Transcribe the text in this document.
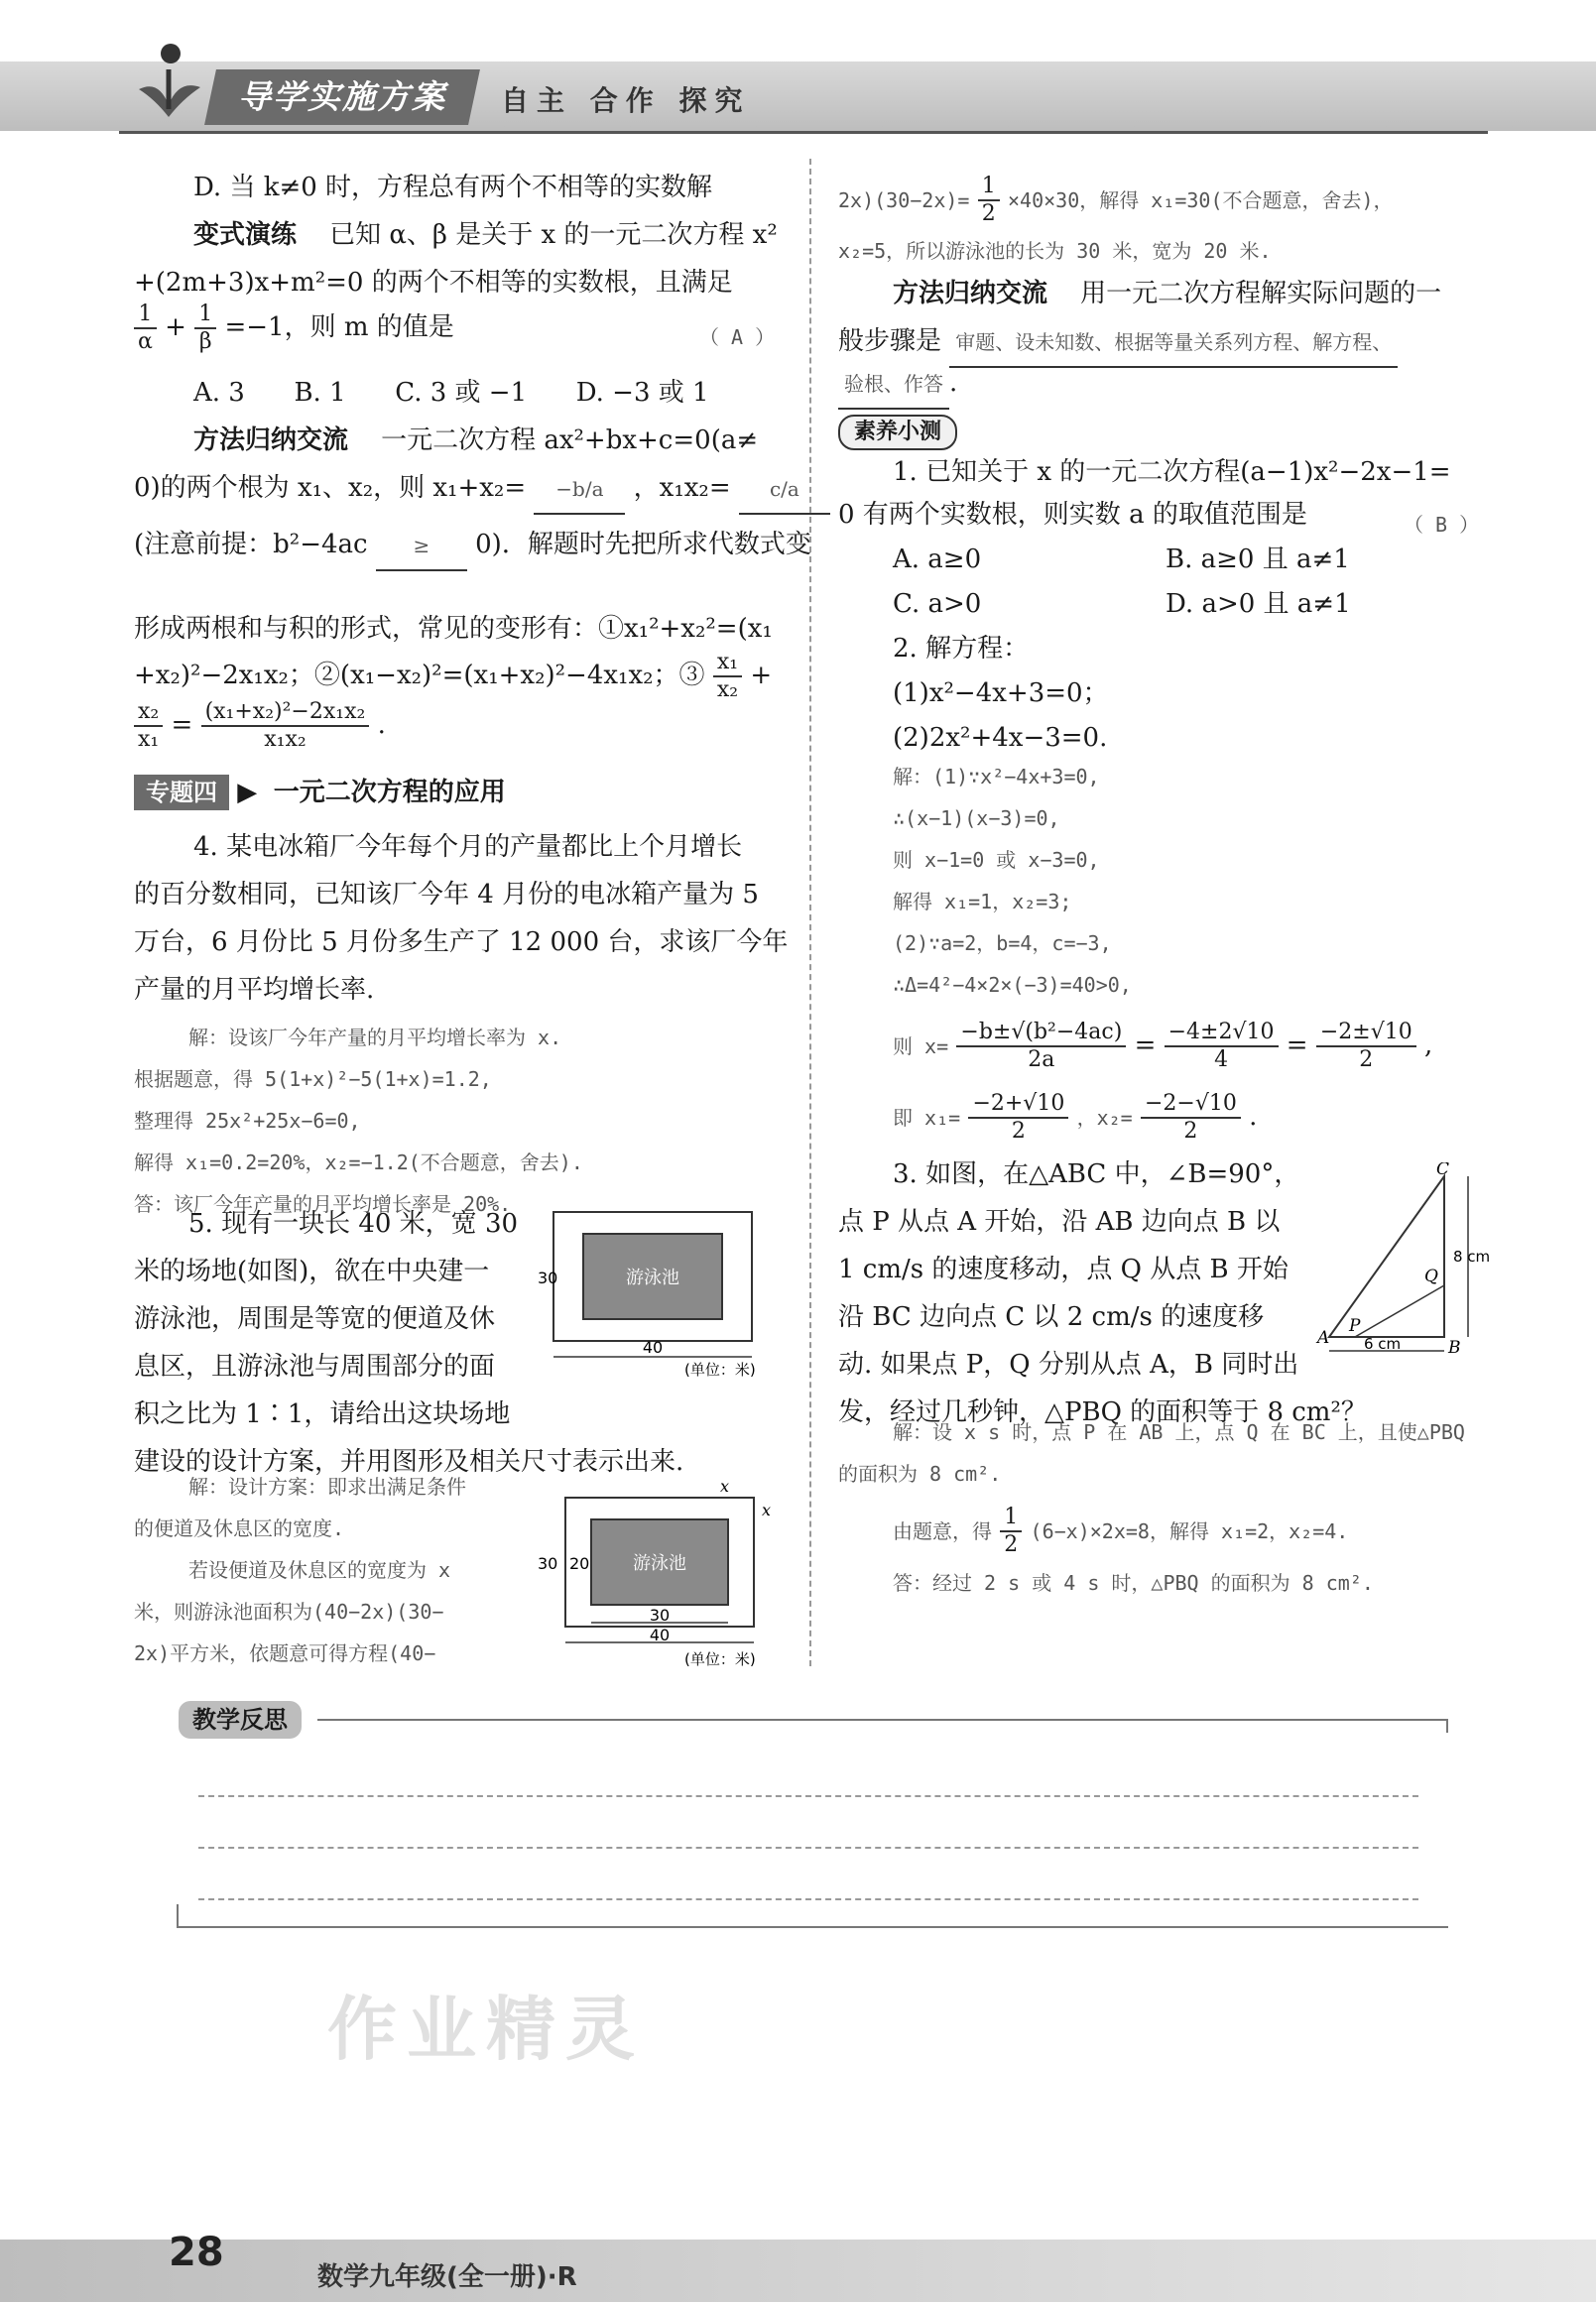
导学实施方案	自主 合作 探究
D. 当 k≠0 时，方程总有两个不相等的实数解
变式演练 已知 α、β 是关于 x 的一元二次方程 x²
+(2m+3)x+m²=0 的两个不相等的实数根，且满足
$\frac{1}{\alpha} + \frac{1}{\beta} =-1$，则 m 的值是	（ A ）
A. 3 B. 1 C. 3 或 −1 D. −3 或 1
方法归纳交流 一元二次方程 ax²+bx+c=0(a≠
0)的两个根为 x₁、x₂，则 x₁+x₂= −b/a ，x₁x₂= c/a
(注意前提：b²−4ac ≥ 0)．解题时先把所求代数式变
形成两根和与积的形式，常见的变形有：①x₁²+x₂²=(x₁
+x₂)²−2x₁x₂；②(x₁−x₂)²=(x₁+x₂)²−4x₁x₂；③ $\frac{\text{x₁}}{\text{x₂}}$ +
$\frac{\text{x₂}}{\text{x₁}} = \frac{\text{(x₁+x₂)²−2x₁x₂}}{\text{x₁x₂}}$ .
专题四 ▶  一元二次方程的应用
4. 某电冰箱厂今年每个月的产量都比上个月增长
的百分数相同，已知该厂今年 4 月份的电冰箱产量为 5
万台，6 月份比 5 月份多生产了 12 000 台，求该厂今年
产量的月平均增长率.
解：设该厂今年产量的月平均增长率为 x.
根据题意，得 5(1+x)²−5(1+x)=1.2,
整理得 25x²+25x−6=0,
解得 x₁=0.2=20%，x₂=−1.2(不合题意，舍去).
答：该厂今年产量的月平均增长率是 20%.
5. 现有一块长 40 米，宽 30
米的场地(如图)，欲在中央建一
游泳池，周围是等宽的便道及休
息区，且游泳池与周围部分的面
积之比为 1∶1，请给出这块场地
建设的设计方案，并用图形及相关尺寸表示出来.
解：设计方案：即求出满足条件
的便道及休息区的宽度.
若设便道及休息区的宽度为 x
米，则游泳池面积为(40−2x)(30−
2x)平方米，依题意可得方程(40−
游泳池
40
30
(单位：米)
游泳池
30
40
30 20
x
x
(单位：米)
$2x)(30-2x)= \frac{1}{2} \times 40\times 30$，解得 x₁=30(不合题意，舍去)，
x₂=5，所以游泳池的长为 30 米，宽为 20 米.
方法归纳交流 用一元二次方程解实际问题的一
般步骤是 审题、设未知数、根据等量关系列方程、解方程、
验根、作答 .
素养小测
1. 已知关于 x 的一元二次方程(a−1)x²−2x−1=
0 有两个实数根，则实数 a 的取值范围是	（ B ）
A. a≥0	B. a≥0 且 a≠1
C. a>0	D. a>0 且 a≠1
2. 解方程：
(1)x²−4x+3=0；
(2)2x²+4x−3=0.
解：(1)∵x²−4x+3=0,
∴(x−1)(x−3)=0,
则 x−1=0 或 x−3=0,
解得 x₁=1，x₂=3;
(2)∵a=2，b=4，c=−3,
∴Δ=4²−4×2×(−3)=40>0,
则 $x= \frac{\text{−b±√(b²−4ac)}}{2a} = \frac{-4\pm 2√10}{4} = \frac{-2\pm√10}{2}$ ,
即 $x_1= \frac{-2+√10}{2}$ ，$x_2= \frac{-2-√10}{2}$ .
3. 如图，在△ABC 中，∠B=90°，
点 P 从点 A 开始，沿 AB 边向点 B 以
1 cm/s 的速度移动，点 Q 从点 B 开始
沿 BC 边向点 C 以 2 cm/s 的速度移
动. 如果点 P，Q 分别从点 A，B 同时出
发，经过几秒钟，△PBQ 的面积等于 8 cm²？
解：设 x s 时，点 P 在 AB 上，点 Q 在 BC 上，且使△PBQ
的面积为 8 cm².
由题意，得 $\frac{1}{2} (6-x)\times 2x=8$，解得 x₁=2，x₂=4.
答：经过 2 s 或 4 s 时，△PBQ 的面积为 8 cm².
A	B
C
P
Q
6 cm
8 cm
教学反思
作业精灵
28
数学九年级(全一册)·R
